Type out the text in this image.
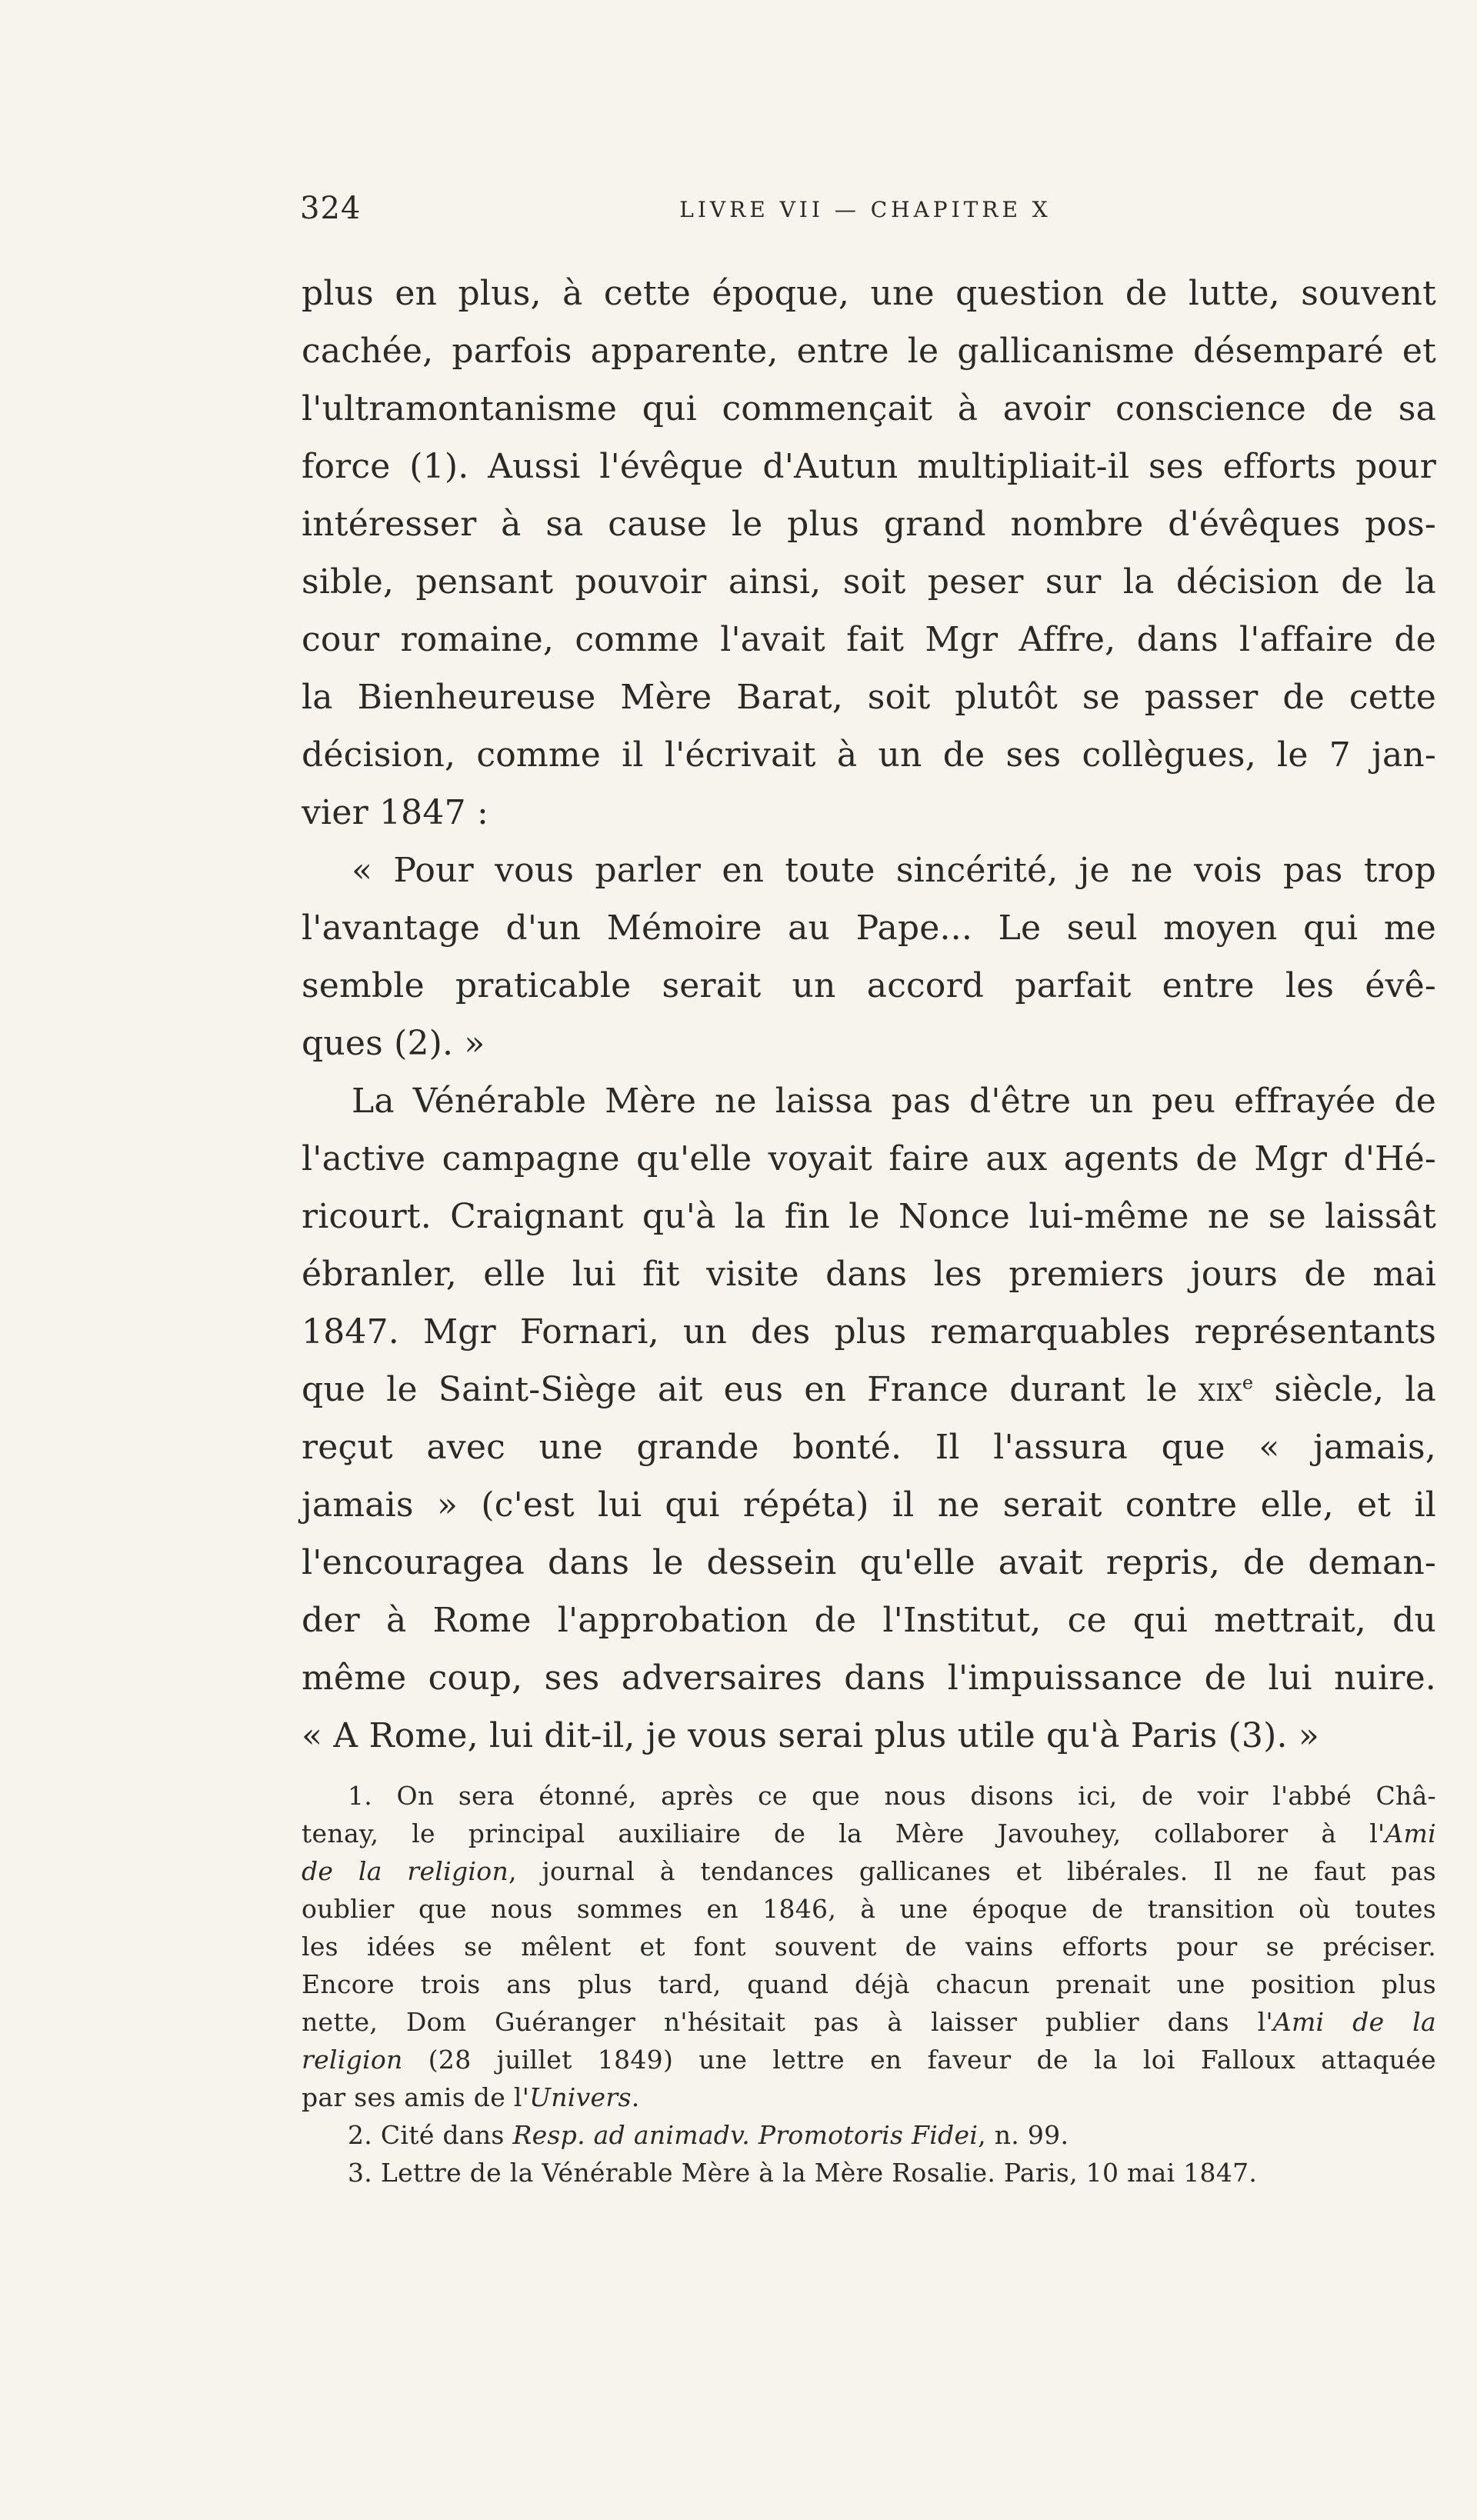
324	LIVRE VII — CHAPITRE X
plus en plus, à cette époque, une question de lutte, souvent
cachée, parfois apparente, entre le gallicanisme désemparé et
l'ultramontanisme qui commençait à avoir conscience de sa
force (1). Aussi l'évêque d'Autun multipliait-il ses efforts pour
intéresser à sa cause le plus grand nombre d'évêques pos-
sible, pensant pouvoir ainsi, soit peser sur la décision de la
cour romaine, comme l'avait fait Mgr Affre, dans l'affaire de
la Bienheureuse Mère Barat, soit plutôt se passer de cette
décision, comme il l'écrivait à un de ses collègues, le 7 jan-
vier 1847 :
« Pour vous parler en toute sincérité, je ne vois pas trop
l'avantage d'un Mémoire au Pape... Le seul moyen qui me
semble praticable serait un accord parfait entre les évê-
ques (2). »
La Vénérable Mère ne laissa pas d'être un peu effrayée de
l'active campagne qu'elle voyait faire aux agents de Mgr d'Hé-
ricourt. Craignant qu'à la fin le Nonce lui-même ne se laissât
ébranler, elle lui fit visite dans les premiers jours de mai
1847. Mgr Fornari, un des plus remarquables représentants
que le Saint-Siège ait eus en France durant le xix$^e$ siècle, la
reçut avec une grande bonté. Il l'assura que « jamais,
jamais » (c'est lui qui répéta) il ne serait contre elle, et il
l'encouragea dans le dessein qu'elle avait repris, de deman-
der à Rome l'approbation de l'Institut, ce qui mettrait, du
même coup, ses adversaires dans l'impuissance de lui nuire.
« A Rome, lui dit-il, je vous serai plus utile qu'à Paris (3). »
1. On sera étonné, après ce que nous disons ici, de voir l'abbé Châ-
tenay, le principal auxiliaire de la Mère Javouhey, collaborer à l'Ami
de la religion, journal à tendances gallicanes et libérales. Il ne faut pas
oublier que nous sommes en 1846, à une époque de transition où toutes
les idées se mêlent et font souvent de vains efforts pour se préciser.
Encore trois ans plus tard, quand déjà chacun prenait une position plus
nette, Dom Guéranger n'hésitait pas à laisser publier dans l'Ami de la
religion (28 juillet 1849) une lettre en faveur de la loi Falloux attaquée
par ses amis de l'Univers.
2. Cité dans Resp. ad animadv. Promotoris Fidei, n. 99.
3. Lettre de la Vénérable Mère à la Mère Rosalie. Paris, 10 mai 1847.
